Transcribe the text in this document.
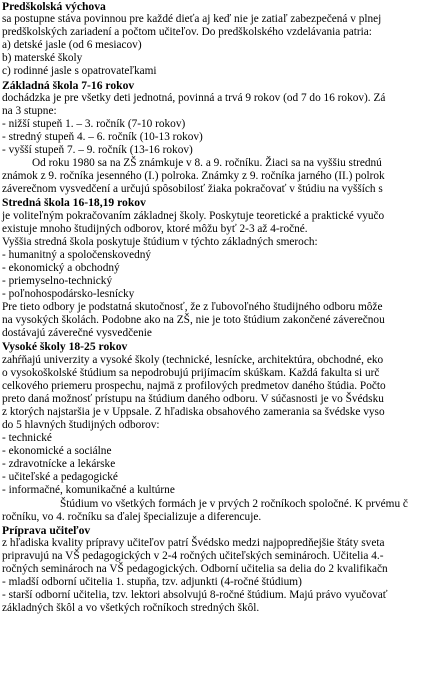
Predškolská výchova
sa postupne stáva povinnou pre každé dieťa aj keď nie je zatiaľ zabezpečená v plnej
predškolských zariadení a počtom učiteľov. Do predškolského vzdelávania patria:
a) detské jasle (od 6 mesiacov)
b) materské školy
c) rodinné jasle s opatrovateľkami
Základná škola 7-16 rokov
dochádzka je pre všetky deti jednotná, povinná a trvá 9 rokov (od 7 do 16 rokov). Zá
na 3 stupne:
- nižší stupeň 1. – 3. ročník (7-10 rokov)
- stredný stupeň 4. – 6. ročník (10-13 rokov)
- vyšší stupeň 7. – 9. ročník (13-16 rokov)
Od roku 1980 sa na ZŠ známkuje v 8. a 9. ročníku. Žiaci sa na vyššiu strednú
známok z 9. ročníka jesenného (I.) polroka. Známky z 9. ročníka jarného (II.) polrok
záverečnom vysvedčení a určujú spôsobilosť žiaka pokračovať v štúdiu na vyšších s
Stredná škola 16-18,19 rokov
je voliteľným pokračovaním základnej školy. Poskytuje teoretické a praktické vyučo
existuje mnoho študijných odborov, ktoré môžu byť 2-3 až 4-ročné.
Vyššia stredná škola poskytuje štúdium v týchto základných smeroch:
- humanitný a spoločenskovedný
- ekonomický a obchodný
- priemyselno-technický
- poľnohospodársko-lesnícky
Pre tieto odbory je podstatná skutočnosť, že z ľubovoľného študijného odboru môže
na vysokých školách. Podobne ako na ZŠ, nie je toto štúdium zakončené záverečnou
dostávajú záverečné vysvedčenie
Vysoké školy 18-25 rokov
zahŕňajú univerzity a vysoké školy (technické, lesnícke, architektúra, obchodné, eko
o vysokoškolské štúdium sa nepodrobujú prijímacím skúškam. Každá fakulta si urč
celkového priemeru prospechu, najmä z profilových predmetov daného štúdia. Počto
preto daná možnosť prístupu na štúdium daného odboru. V súčasnosti je vo Švédsku
z ktorých najstaršia je v Uppsale. Z hľadiska obsahového zamerania sa švédske vyso
do 5 hlavných študijných odborov:
- technické
- ekonomické a sociálne
- zdravotnícke a lekárske
- učiteľské a pedagogické
- informačné, komunikačné a kultúrne
Štúdium vo všetkých formách je v prvých 2 ročníkoch spoločné. K prvému č
ročníku, vo 4. ročníku sa ďalej špecializuje a diferencuje.
Príprava učiteľov
z hľadiska kvality prípravy učiteľov patrí Švédsko medzi najpopredňejšie štáty sveta
pripravujú na VŠ pedagogických v 2-4 ročných učiteľských seminároch. Učitelia 4.-
ročných seminároch na VŠ pedagogických. Odborní učitelia sa delia do 2 kvalifikačn
- mladší odborní učitelia 1. stupňa, tzv. adjunkti (4-ročné štúdium)
- starší odborní učitelia, tzv. lektori absolvujú 8-ročné štúdium. Majú právo vyučovať
základných škôl a vo všetkých ročníkoch stredných škôl.
